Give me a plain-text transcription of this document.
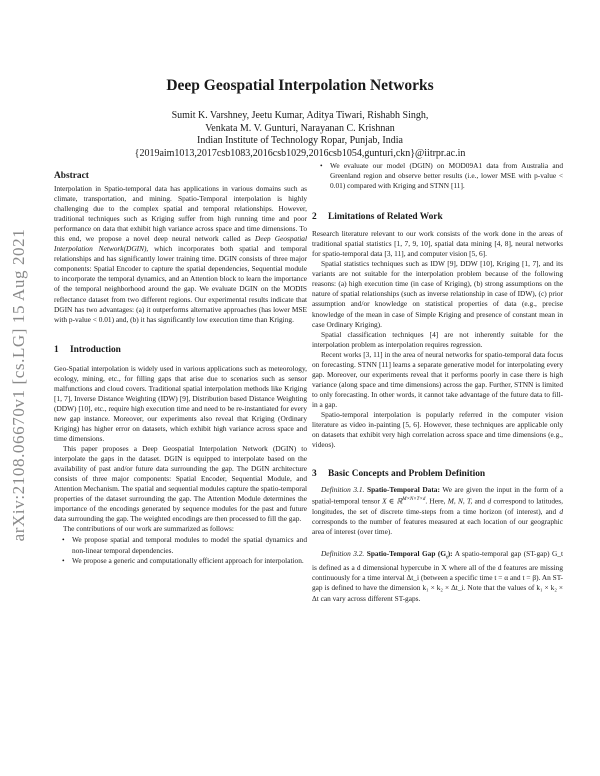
arXiv:2108.06670v1 [cs.LG] 15 Aug 2021
Deep Geospatial Interpolation Networks
Sumit K. Varshney, Jeetu Kumar, Aditya Tiwari, Rishabh Singh,
Venkata M. V. Gunturi, Narayanan C. Krishnan
Indian Institute of Technology Ropar, Punjab, India
{2019aim1013,2017csb1083,2016csb1029,2016csb1054,gunturi,ckn}@iitrpr.ac.in
Abstract

Interpolation in Spatio-temporal data has applications in various domains such as climate, transportation, and mining. Spatio-Temporal interpolation is highly challenging due to the complex spatial and temporal relationships. However, traditional techniques such as Kriging suffer from high running time and poor performance on data that exhibit high variance across space and time dimensions. To this end, we propose a novel deep neural network called as Deep Geospatial Interpolation Network(DGIN), which incorporates both spatial and temporal relationships and has significantly lower training time. DGIN consists of three major components: Spatial Encoder to capture the spatial dependencies, Sequential module to incorporate the temporal dynamics, and an Attention block to learn the importance of the temporal neighborhood around the gap. We evaluate DGIN on the MODIS reflectance dataset from two different regions. Our experimental results indicate that DGIN has two advantages: (a) it outperforms alternative approaches (has lower MSE with p-value < 0.01) and, (b) it has significantly low execution time than Kriging.

1 Introduction

Geo-Spatial interpolation is widely used in various applications such as meteorology, ecology, mining, etc., for filling gaps that arise due to scenarios such as sensor malfunctions and cloud covers. Traditional spatial interpolation methods like Kriging [1, 7], Inverse Distance Weighting (IDW) [9], Distribution based Distance Weighting (DDW) [10], etc., require high execution time and need to be re-instantiated for every new gap instance. Moreover, our experiments also reveal that Kriging (Ordinary Kriging) has higher error on datasets, which exhibit high variance across space and time dimensions.

This paper proposes a Deep Geospatial Interpolation Network (DGIN) to interpolate the gaps in the dataset. DGIN is equipped to interpolate based on the availability of past and/or future data surrounding the gap. The DGIN architecture consists of three major components: Spatial Encoder, Sequential Module, and Attention Mechanism. The spatial and sequential modules capture the spatio-temporal properties of the dataset surrounding the gap. The Attention Module determines the importance of the encodings generated by sequence modules for the past and future data surrounding the gap. The weighted encodings are then processed to fill the gap.

The contributions of our work are summarized as follows:

• We propose spatial and temporal modules to model the spatial dynamics and non-linear temporal dependencies.
• We propose a generic and computationally efficient approach for interpolation.
• We evaluate our model (DGIN) on MOD09A1 data from Australia and Greenland region and observe better results (i.e., lower MSE with p-value < 0.01) compared with Kriging and STNN [11].
2 Limitations of Related Work

Research literature relevant to our work consists of the work done in the areas of traditional spatial statistics [1, 7, 9, 10], spatial data mining [4, 8], neural networks for spatio-temporal data [3, 11], and computer vision [5, 6].

Spatial statistics techniques such as IDW [9], DDW [10], Kriging [1, 7], and its variants are not suitable for the interpolation problem because of the following reasons: (a) high execution time (in case of Kriging), (b) strong assumptions on the nature of spatial relationships (such as inverse relationship in case of IDW), (c) prior assumption and/or knowledge on statistical properties of data (e.g., precise knowledge of the mean in case of Simple Kriging and presence of constant mean in case Ordinary Kriging).

Spatial classification techniques [4] are not inherently suitable for the interpolation problem as interpolation requires regression.

Recent works [3, 11] in the area of neural networks for spatio-temporal data focus on forecasting. STNN [11] learns a separate generative model for interpolating every gap. Moreover, our experiments reveal that it performs poorly in case there is high variance (along space and time dimensions) across the gap. Further, STNN is limited to only forecasting. In other words, it cannot take advantage of the future data to fill-in a gap.

Spatio-temporal interpolation is popularly referred in the computer vision literature as video in-painting [5, 6]. However, these techniques are applicable only on datasets that exhibit very high correlation across space and time dimensions (e.g., videos).

3 Basic Concepts and Problem Definition

Definition 3.1. Spatio-Temporal Data: We are given the input in the form of a spatial-temporal tensor X ∈ ℝ$^{M\times N\times T\times d}$. Here, M, N, T, and d correspond to latitudes, longitudes, the set of discrete time-steps from a time horizon (of interest), and d corresponds to the number of features measured at each location of our geographic area of interest (over time).

Definition 3.2. Spatio-Temporal Gap $(G_t)$: A spatio-temporal gap (ST-gap) G_t is defined as a d dimensional hypercube in X where all of the d features are missing continuously for a time interval Δt_i (between a specific time t = α and t = β). An ST-gap is defined to have the dimension k₁ × k₂ × Δt_i. Note that the values of k₁ × k₂ × Δt can vary across different ST-gaps.
